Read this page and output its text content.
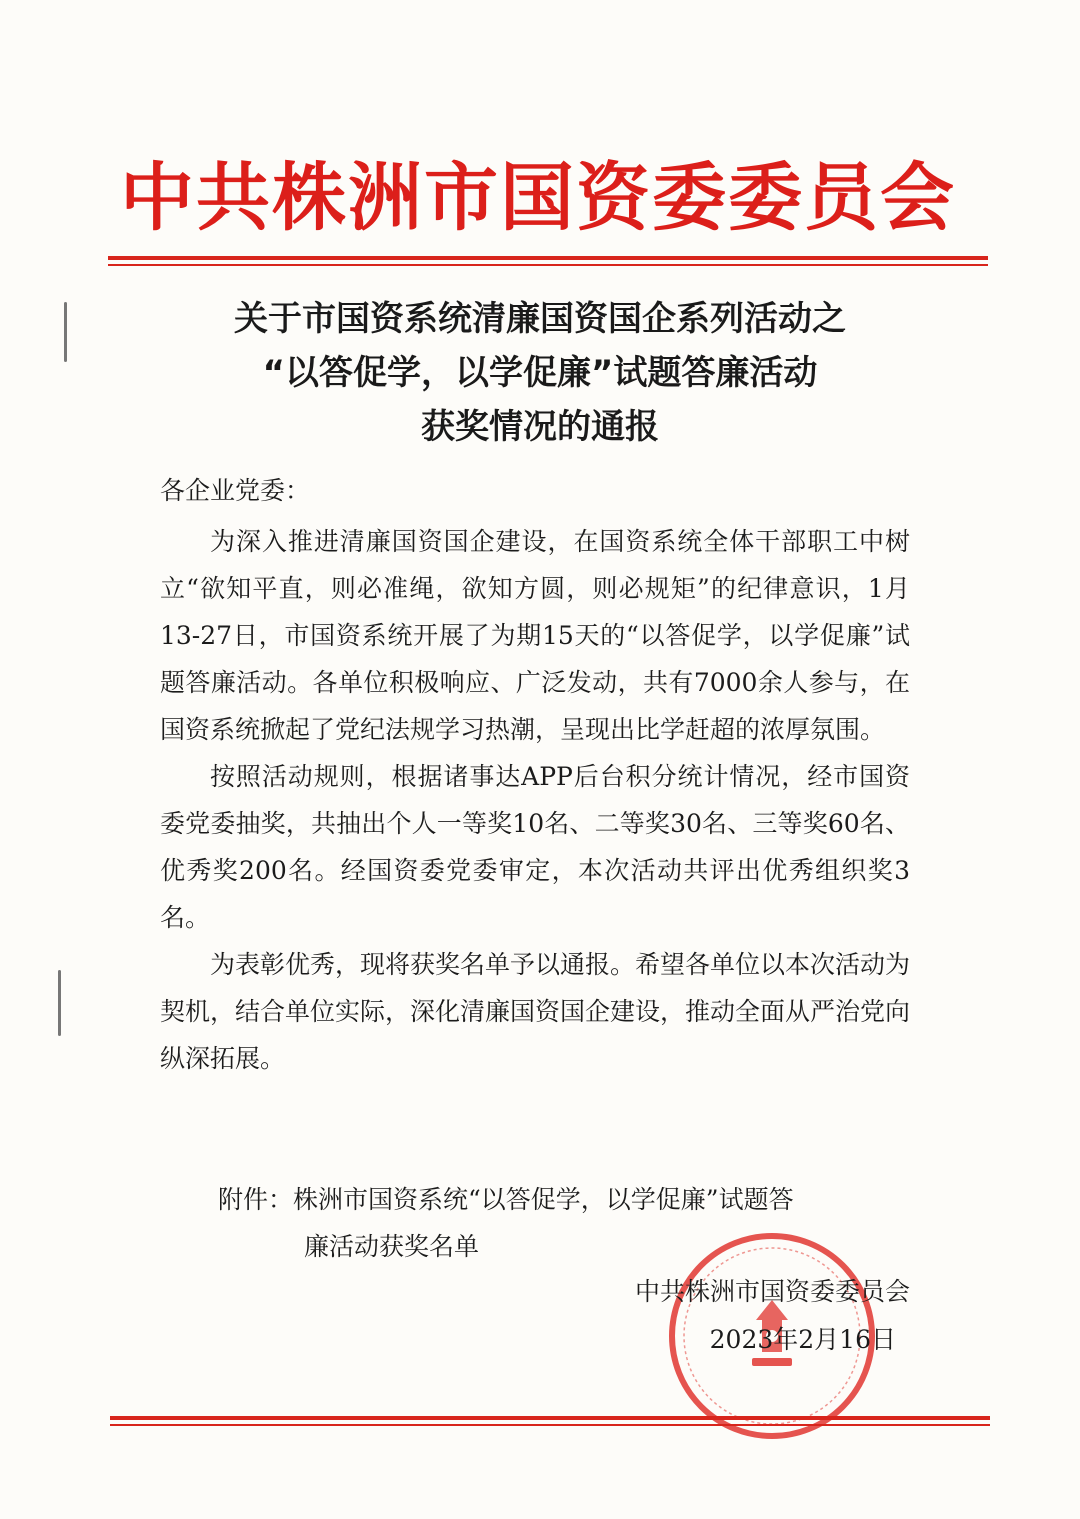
中共株洲市国资委委员会
关于市国资系统清廉国资国企系列活动之
“以答促学，以学促廉”试题答廉活动
获奖情况的通报
各企业党委：

为深入推进清廉国资国企建设，在国资系统全体干部职工中树立“欲知平直，则必准绳，欲知方圆，则必规矩”的纪律意识，1月13-27日，市国资系统开展了为期15天的“以答促学，以学促廉”试题答廉活动。各单位积极响应、广泛发动，共有7000余人参与，在国资系统掀起了党纪法规学习热潮，呈现出比学赶超的浓厚氛围。

按照活动规则，根据诸事达APP后台积分统计情况，经市国资委党委抽奖，共抽出个人一等奖10名、二等奖30名、三等奖60名、优秀奖200名。经国资委党委审定，本次活动共评出优秀组织奖3名。

为表彰优秀，现将获奖名单予以通报。希望各单位以本次活动为契机，结合单位实际，深化清廉国资国企建设，推动全面从严治党向纵深拓展。

附件：株洲市国资系统“以答促学，以学促廉”试题答
廉活动获奖名单
中共株洲市国资委委员会
2023年2月16日
